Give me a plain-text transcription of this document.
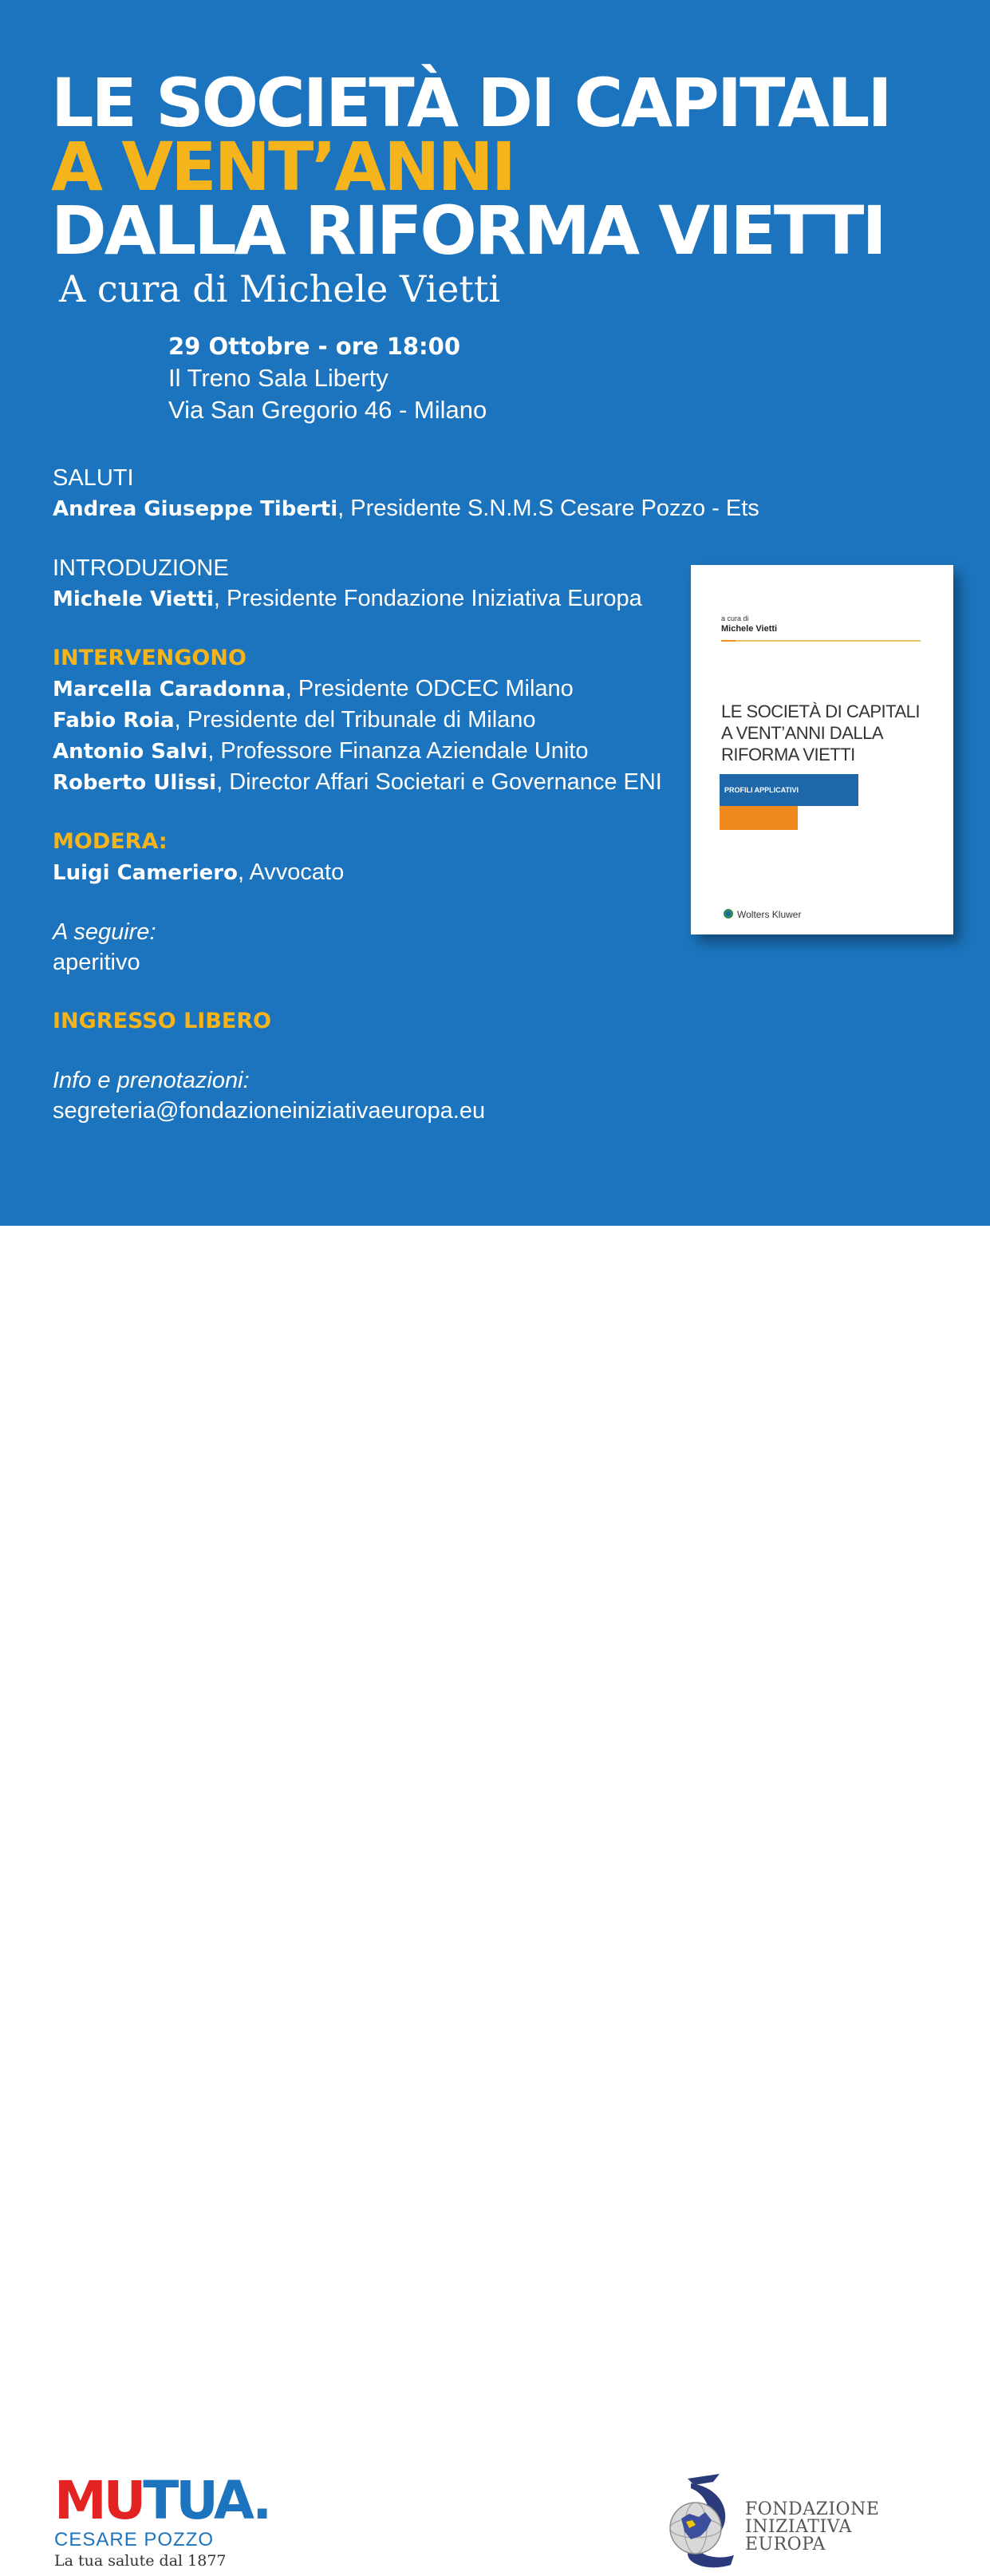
LE SOCIETÀ DI CAPITALI
A VENT’ANNI
DALLA RIFORMA VIETTI

A cura di Michele Vietti

29 Ottobre - ore 18:00
Il Treno Sala Liberty
Via San Gregorio 46 - Milano
SALUTI
Andrea Giuseppe Tiberti, Presidente S.N.M.S Cesare Pozzo - Ets
INTRODUZIONE
Michele Vietti, Presidente Fondazione Iniziativa Europa
INTERVENGONO
Marcella Caradonna, Presidente ODCEC Milano
Fabio Roia, Presidente del Tribunale di Milano
Antonio Salvi, Professore Finanza Aziendale Unito
Roberto Ulissi, Director Affari Societari e Governance ENI
MODERA:
Luigi Cameriero, Avvocato
A seguire:
aperitivo
INGRESSO LIBERO
Info e prenotazioni:
segreteria@fondazioneiniziativaeuropa.eu
a cura di
Michele Vietti
LE SOCIETÀ DI CAPITALI
A VENT’ANNI DALLA
RIFORMA VIETTI
PROFILI APPLICATIVI
Wolters Kluwer
MUTUA.
CESARE POZZO
La tua salute dal 1877
FONDAZIONE
INIZIATIVA
EUROPA
